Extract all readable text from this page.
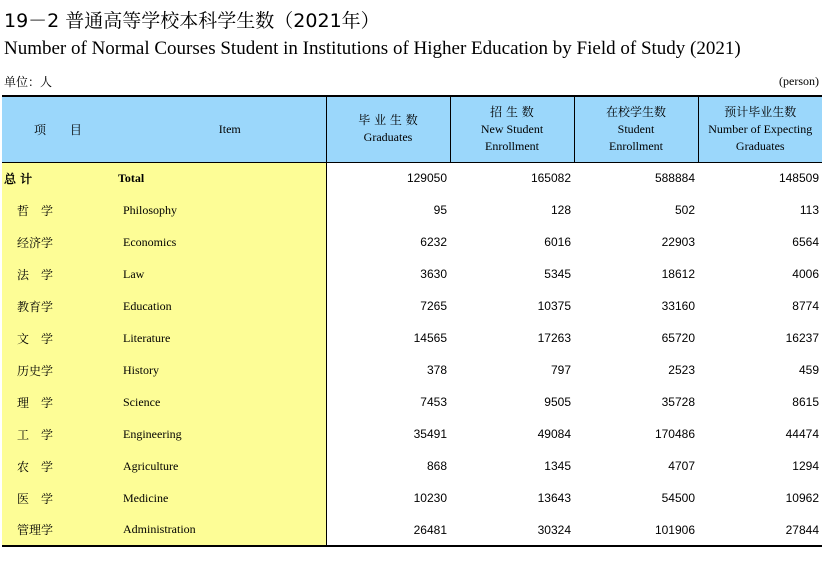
19－2 普通高等学校本科学生数（2021年）
Number of Normal Courses Student in Institutions of Higher Education by Field of Study (2021)
单位：人	(person)
项 目	Item	毕 业 生 数
Graduates	招 生 数
New Student
Enrollment	在校学生数
Student
Enrollment	预计毕业生数
Number of Expecting
Graduates

总 计	Total	129050	165082	588884	148509
哲　学	Philosophy	95	128	502	113
经济学	Economics	6232	6016	22903	6564
法　学	Law	3630	5345	18612	4006
教育学	Education	7265	10375	33160	8774
文　学	Literature	14565	17263	65720	16237
历史学	History	378	797	2523	459
理　学	Science	7453	9505	35728	8615
工　学	Engineering	35491	49084	170486	44474
农　学	Agriculture	868	1345	4707	1294
医　学	Medicine	10230	13643	54500	10962
管理学	Administration	26481	30324	101906	27844
